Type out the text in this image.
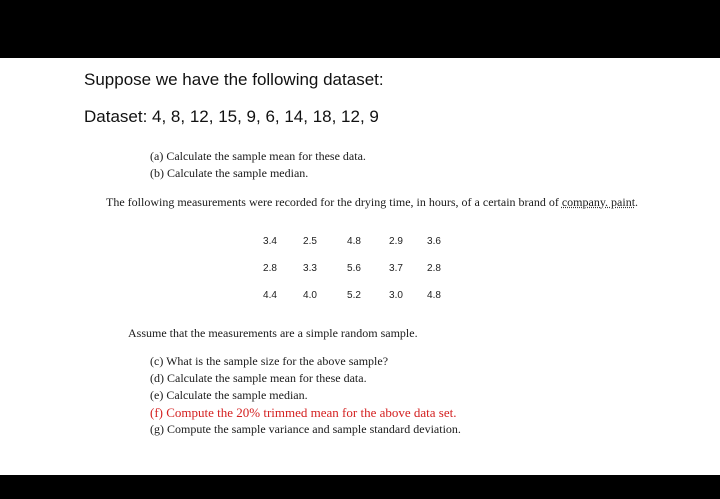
Suppose we have the following dataset:
Dataset: 4, 8, 12, 15, 9, 6, 14, 18, 12, 9
(a) Calculate the sample mean for these data.
(b) Calculate the sample median.
The following measurements were recorded for the drying time, in hours, of a certain brand of company. paint.
3.4	2.5	4.8	2.9	3.6
2.8	3.3	5.6	3.7	2.8
4.4	4.0	5.2	3.0	4.8
Assume that the measurements are a simple random sample.
(c) What is the sample size for the above sample?
(d) Calculate the sample mean for these data.
(e) Calculate the sample median.
(f) Compute the 20% trimmed mean for the above data set.
(g) Compute the sample variance and sample standard deviation.
